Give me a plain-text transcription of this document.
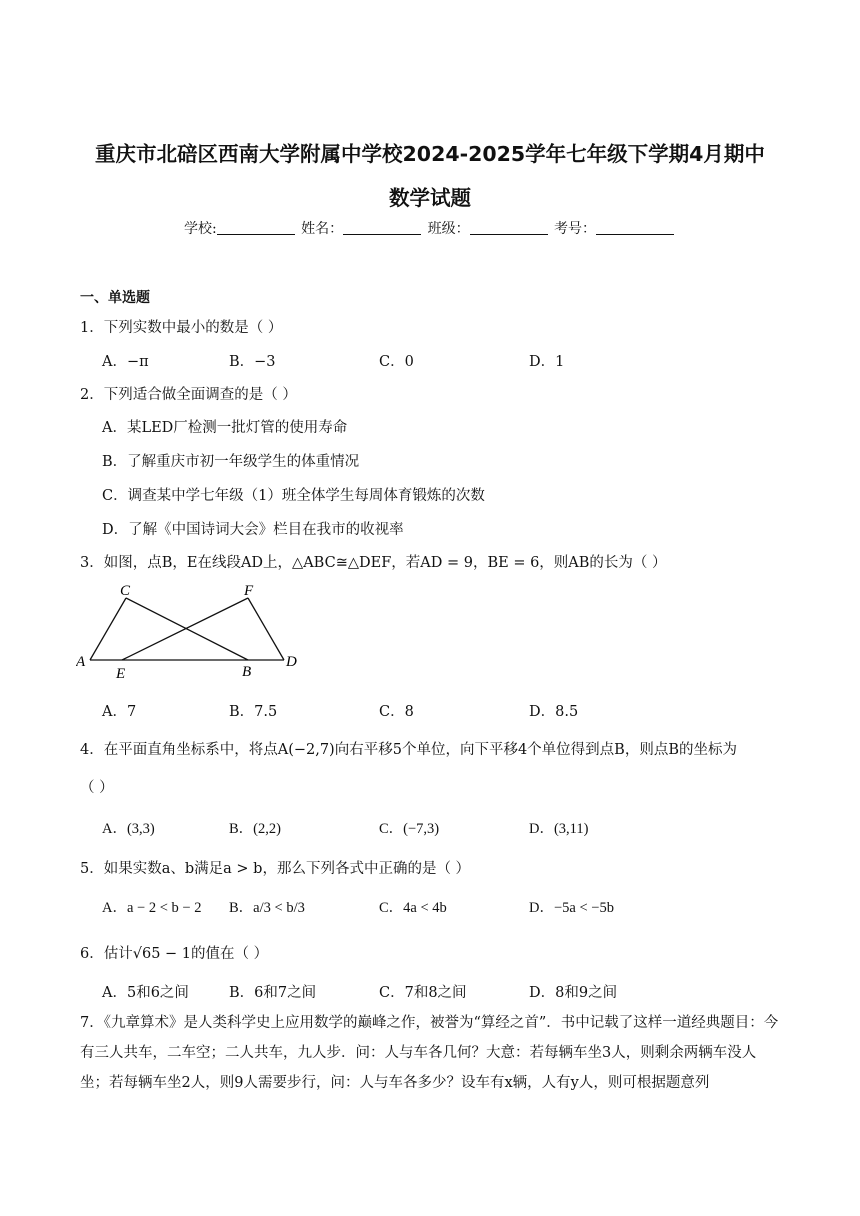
重庆市北碚区西南大学附属中学校2024-2025学年七年级下学期4月期中
数学试题
学校:	姓名：	班级：	考号：
一、单选题
1．下列实数中最小的数是（ ）
A．−π	B．−3	C．0	D．1
2．下列适合做全面调查的是（ ）
A．某LED厂检测一批灯管的使用寿命
B．了解重庆市初一年级学生的体重情况
C．调查某中学七年级（1）班全体学生每周体育锻炼的次数
D．了解《中国诗词大会》栏目在我市的收视率
3．如图，点B，E在线段AD上，△ABC≅△DEF，若AD = 9，BE = 6，则AB的长为（ ）
C	F
A
E	B
D
A．7	B．7.5	C．8	D．8.5
4．在平面直角坐标系中，将点A(−2,7)向右平移5个单位，向下平移4个单位得到点B，则点B的坐标为
（ ）
A．(3,3)	B．(2,2)	C．(−7,3)	D．(3,11)
5．如果实数a、b满足a > b，那么下列各式中正确的是（ ）
A．a − 2 < b − 2 B．a/3 < b/3	C．4a < 4b	D．−5a < −5b
6．估计√65 − 1的值在（ ）
A．5和6之间	B．6和7之间	C．7和8之间	D．8和9之间
7．《九章算术》是人类科学史上应用数学的巅峰之作，被誉为“算经之首”．书中记载了这样一道经典题目：今有三人共车，二车空；二人共车，九人步．问：人与车各几何？大意：若每辆车坐3人，则剩余两辆车没人坐；若每辆车坐2人，则9人需要步行，问：人与车各多少？设车有x辆，人有y人，则可根据题意列
